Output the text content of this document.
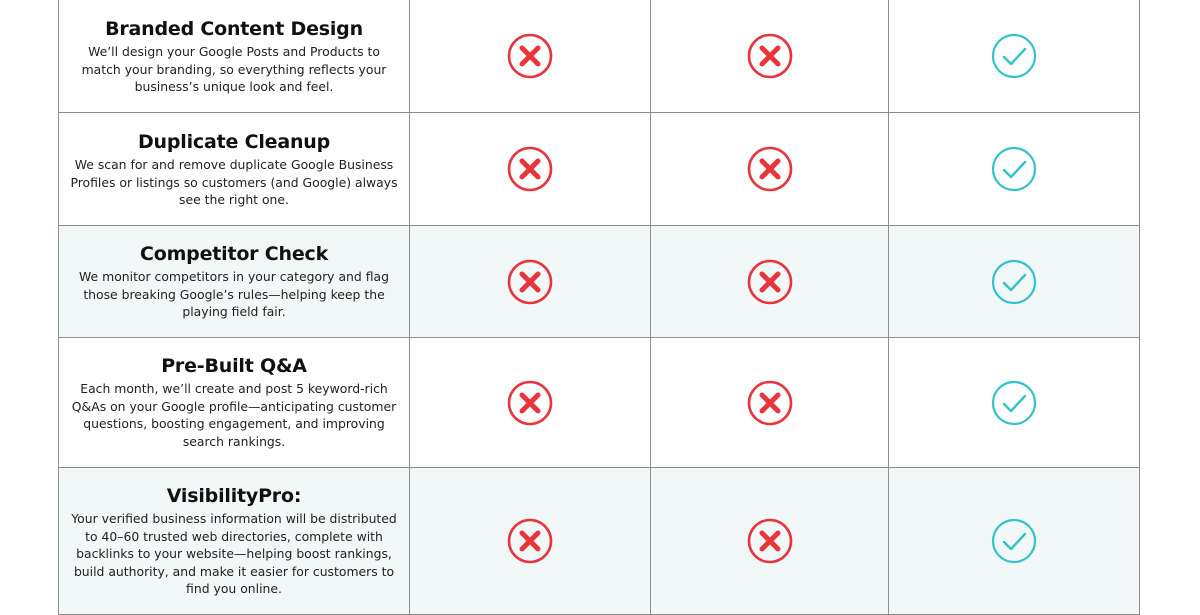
Branded Content Design
We’ll design your Google Posts and Products to match your branding, so everything reflects your business’s unique look and feel.
Duplicate Cleanup
We scan for and remove duplicate Google Business Profiles or listings so customers (and Google) always see the right one.
Competitor Check
We monitor competitors in your category and flag those breaking Google’s rules—helping keep the playing field fair.
Pre-Built Q&A
Each month, we’ll create and post 5 keyword-rich Q&As on your Google profile—anticipating customer questions, boosting engagement, and improving search rankings.
VisibilityPro:
Your verified business information will be distributed to 40–60 trusted web directories, complete with backlinks to your website—helping boost rankings, build authority, and make it easier for customers to find you online.
